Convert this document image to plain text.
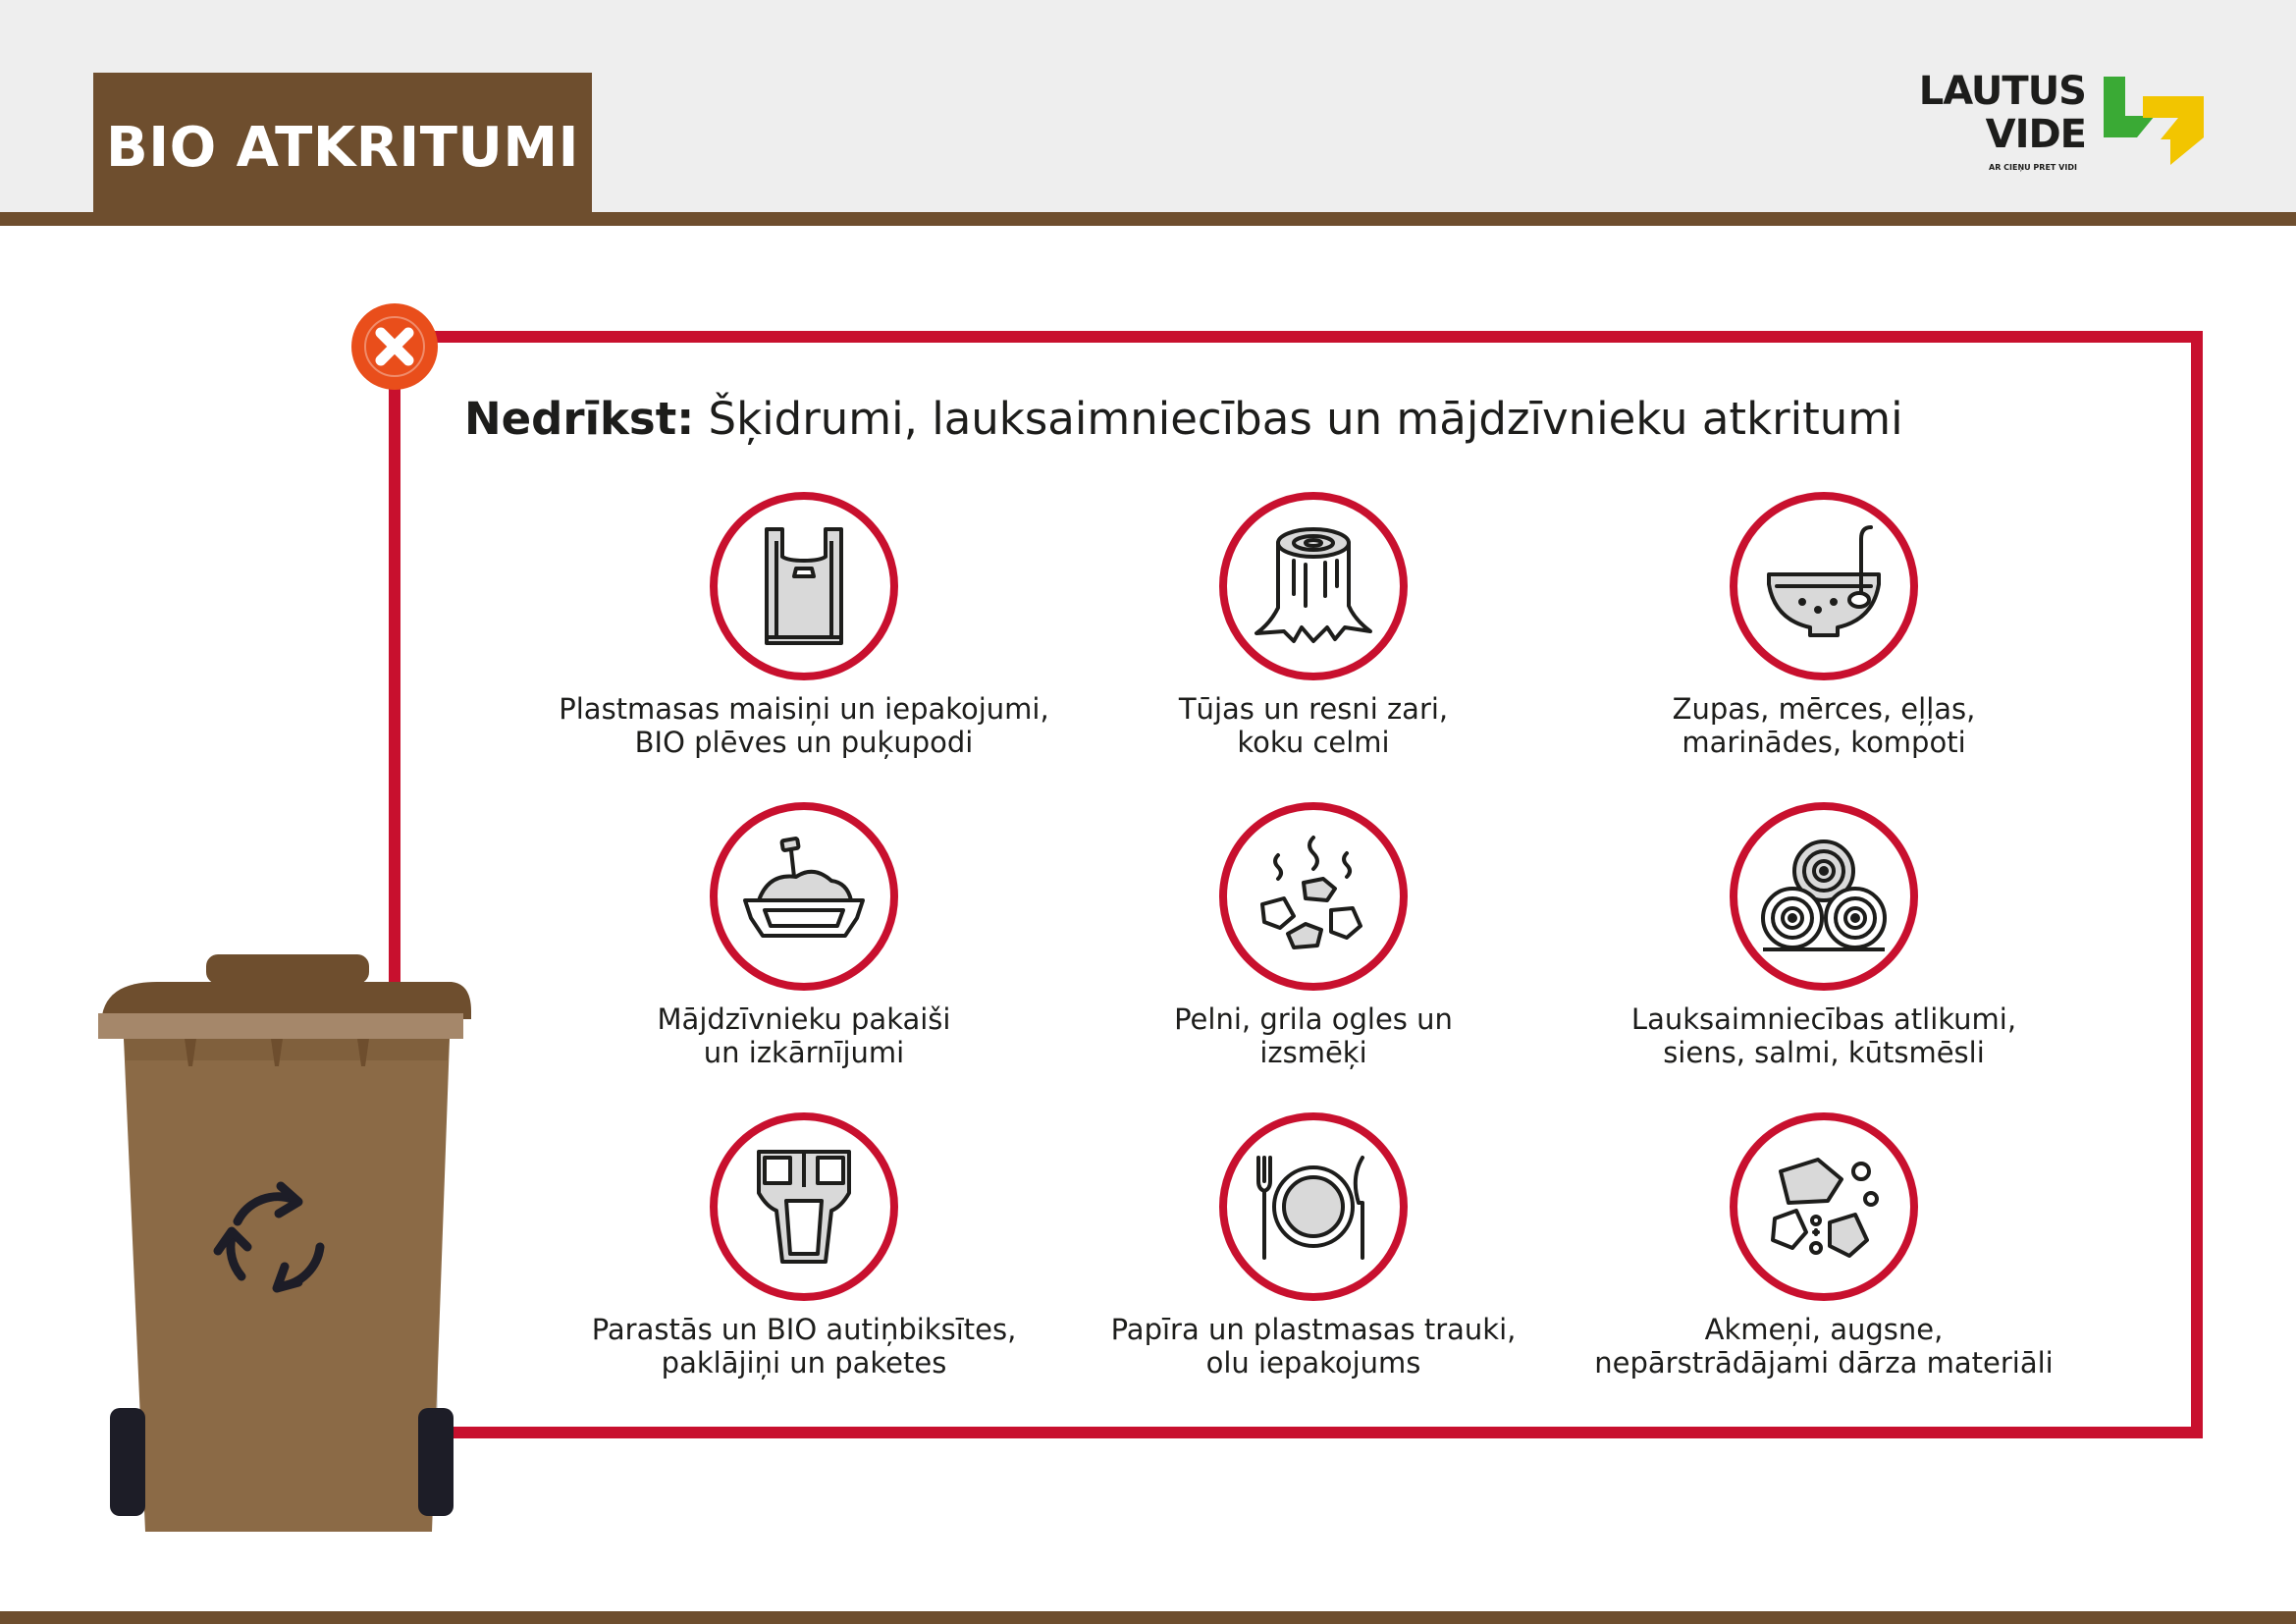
BIO ATKRITUMI
LAUTUS
VIDE
AR CIEŅU PRET VIDI
Nedrīkst: Šķidrumi, lauksaimniecības un mājdzīvnieku atkritumi
Plastmasas maisiņi un iepakojumi,
BIO plēves un puķupodi
Tūjas un resni zari,
koku celmi
Zupas, mērces, eļļas,
marinādes, kompoti
Mājdzīvnieku pakaiši
un izkārnījumi
Pelni, grila ogles un
izsmēķi
Lauksaimniecības atlikumi,
siens, salmi, kūtsmēsli
Parastās un BIO autiņbiksītes,
paklājiņi un paketes
Papīra un plastmasas trauki,
olu iepakojums
Akmeņi, augsne,
nepārstrādājami dārza materiāli
